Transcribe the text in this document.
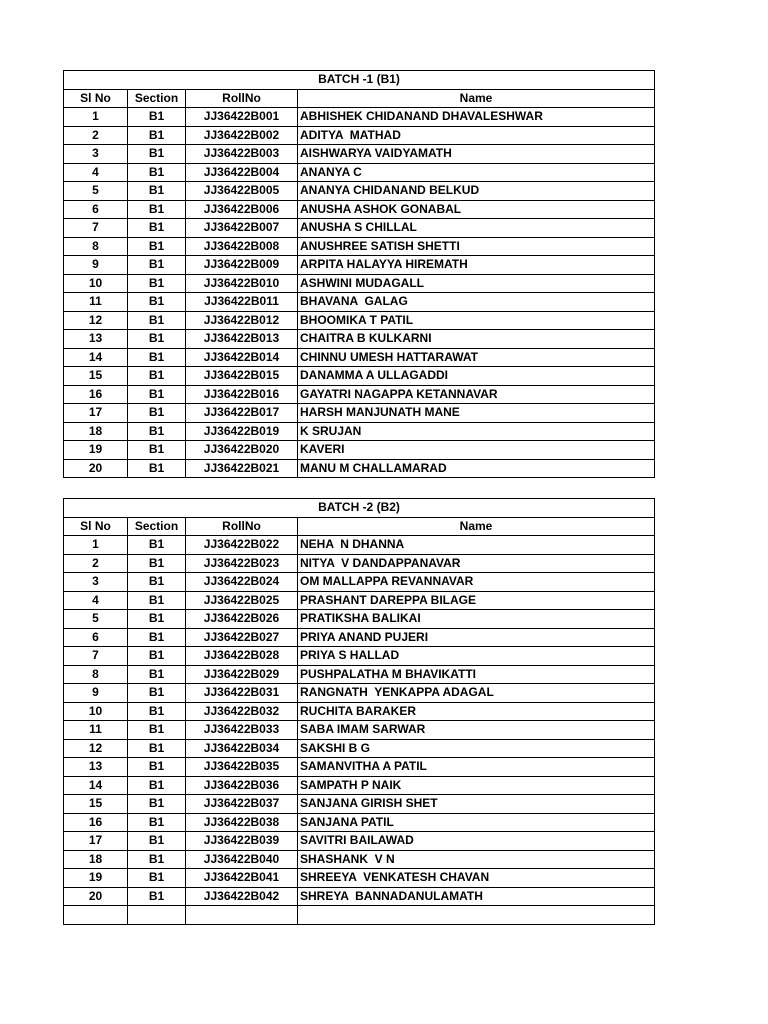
BATCH -1 (B1)			
Sl No	Section	RollNo	Name
1	B1	JJ36422B001	ABHISHEK CHIDANAND DHAVALESHWAR
2	B1	JJ36422B002	ADITYA  MATHAD
3	B1	JJ36422B003	AISHWARYA VAIDYAMATH
4	B1	JJ36422B004	ANANYA C
5	B1	JJ36422B005	ANANYA CHIDANAND BELKUD
6	B1	JJ36422B006	ANUSHA ASHOK GONABAL
7	B1	JJ36422B007	ANUSHA S CHILLAL
8	B1	JJ36422B008	ANUSHREE SATISH SHETTI
9	B1	JJ36422B009	ARPITA HALAYYA HIREMATH
10	B1	JJ36422B010	ASHWINI MUDAGALL
11	B1	JJ36422B011	BHAVANA  GALAG
12	B1	JJ36422B012	BHOOMIKA T PATIL
13	B1	JJ36422B013	CHAITRA B KULKARNI
14	B1	JJ36422B014	CHINNU UMESH HATTARAWAT
15	B1	JJ36422B015	DANAMMA A ULLAGADDI
16	B1	JJ36422B016	GAYATRI NAGAPPA KETANNAVAR
17	B1	JJ36422B017	HARSH MANJUNATH MANE
18	B1	JJ36422B019	K SRUJAN
19	B1	JJ36422B020	KAVERI
20	B1	JJ36422B021	MANU M CHALLAMARAD
BATCH -2 (B2)			
Sl No	Section	RollNo	Name
1	B1	JJ36422B022	NEHA  N DHANNA
2	B1	JJ36422B023	NITYA  V DANDAPPANAVAR
3	B1	JJ36422B024	OM MALLAPPA REVANNAVAR
4	B1	JJ36422B025	PRASHANT DAREPPA BILAGE
5	B1	JJ36422B026	PRATIKSHA BALIKAI
6	B1	JJ36422B027	PRIYA ANAND PUJERI
7	B1	JJ36422B028	PRIYA S HALLAD
8	B1	JJ36422B029	PUSHPALATHA M BHAVIKATTI
9	B1	JJ36422B031	RANGNATH  YENKAPPA ADAGAL
10	B1	JJ36422B032	RUCHITA BARAKER
11	B1	JJ36422B033	SABA IMAM SARWAR
12	B1	JJ36422B034	SAKSHI B G
13	B1	JJ36422B035	SAMANVITHA A PATIL
14	B1	JJ36422B036	SAMPATH P NAIK
15	B1	JJ36422B037	SANJANA GIRISH SHET
16	B1	JJ36422B038	SANJANA PATIL
17	B1	JJ36422B039	SAVITRI BAILAWAD
18	B1	JJ36422B040	SHASHANK  V N
19	B1	JJ36422B041	SHREEYA  VENKATESH CHAVAN
20	B1	JJ36422B042	SHREYA  BANNADANULAMATH
